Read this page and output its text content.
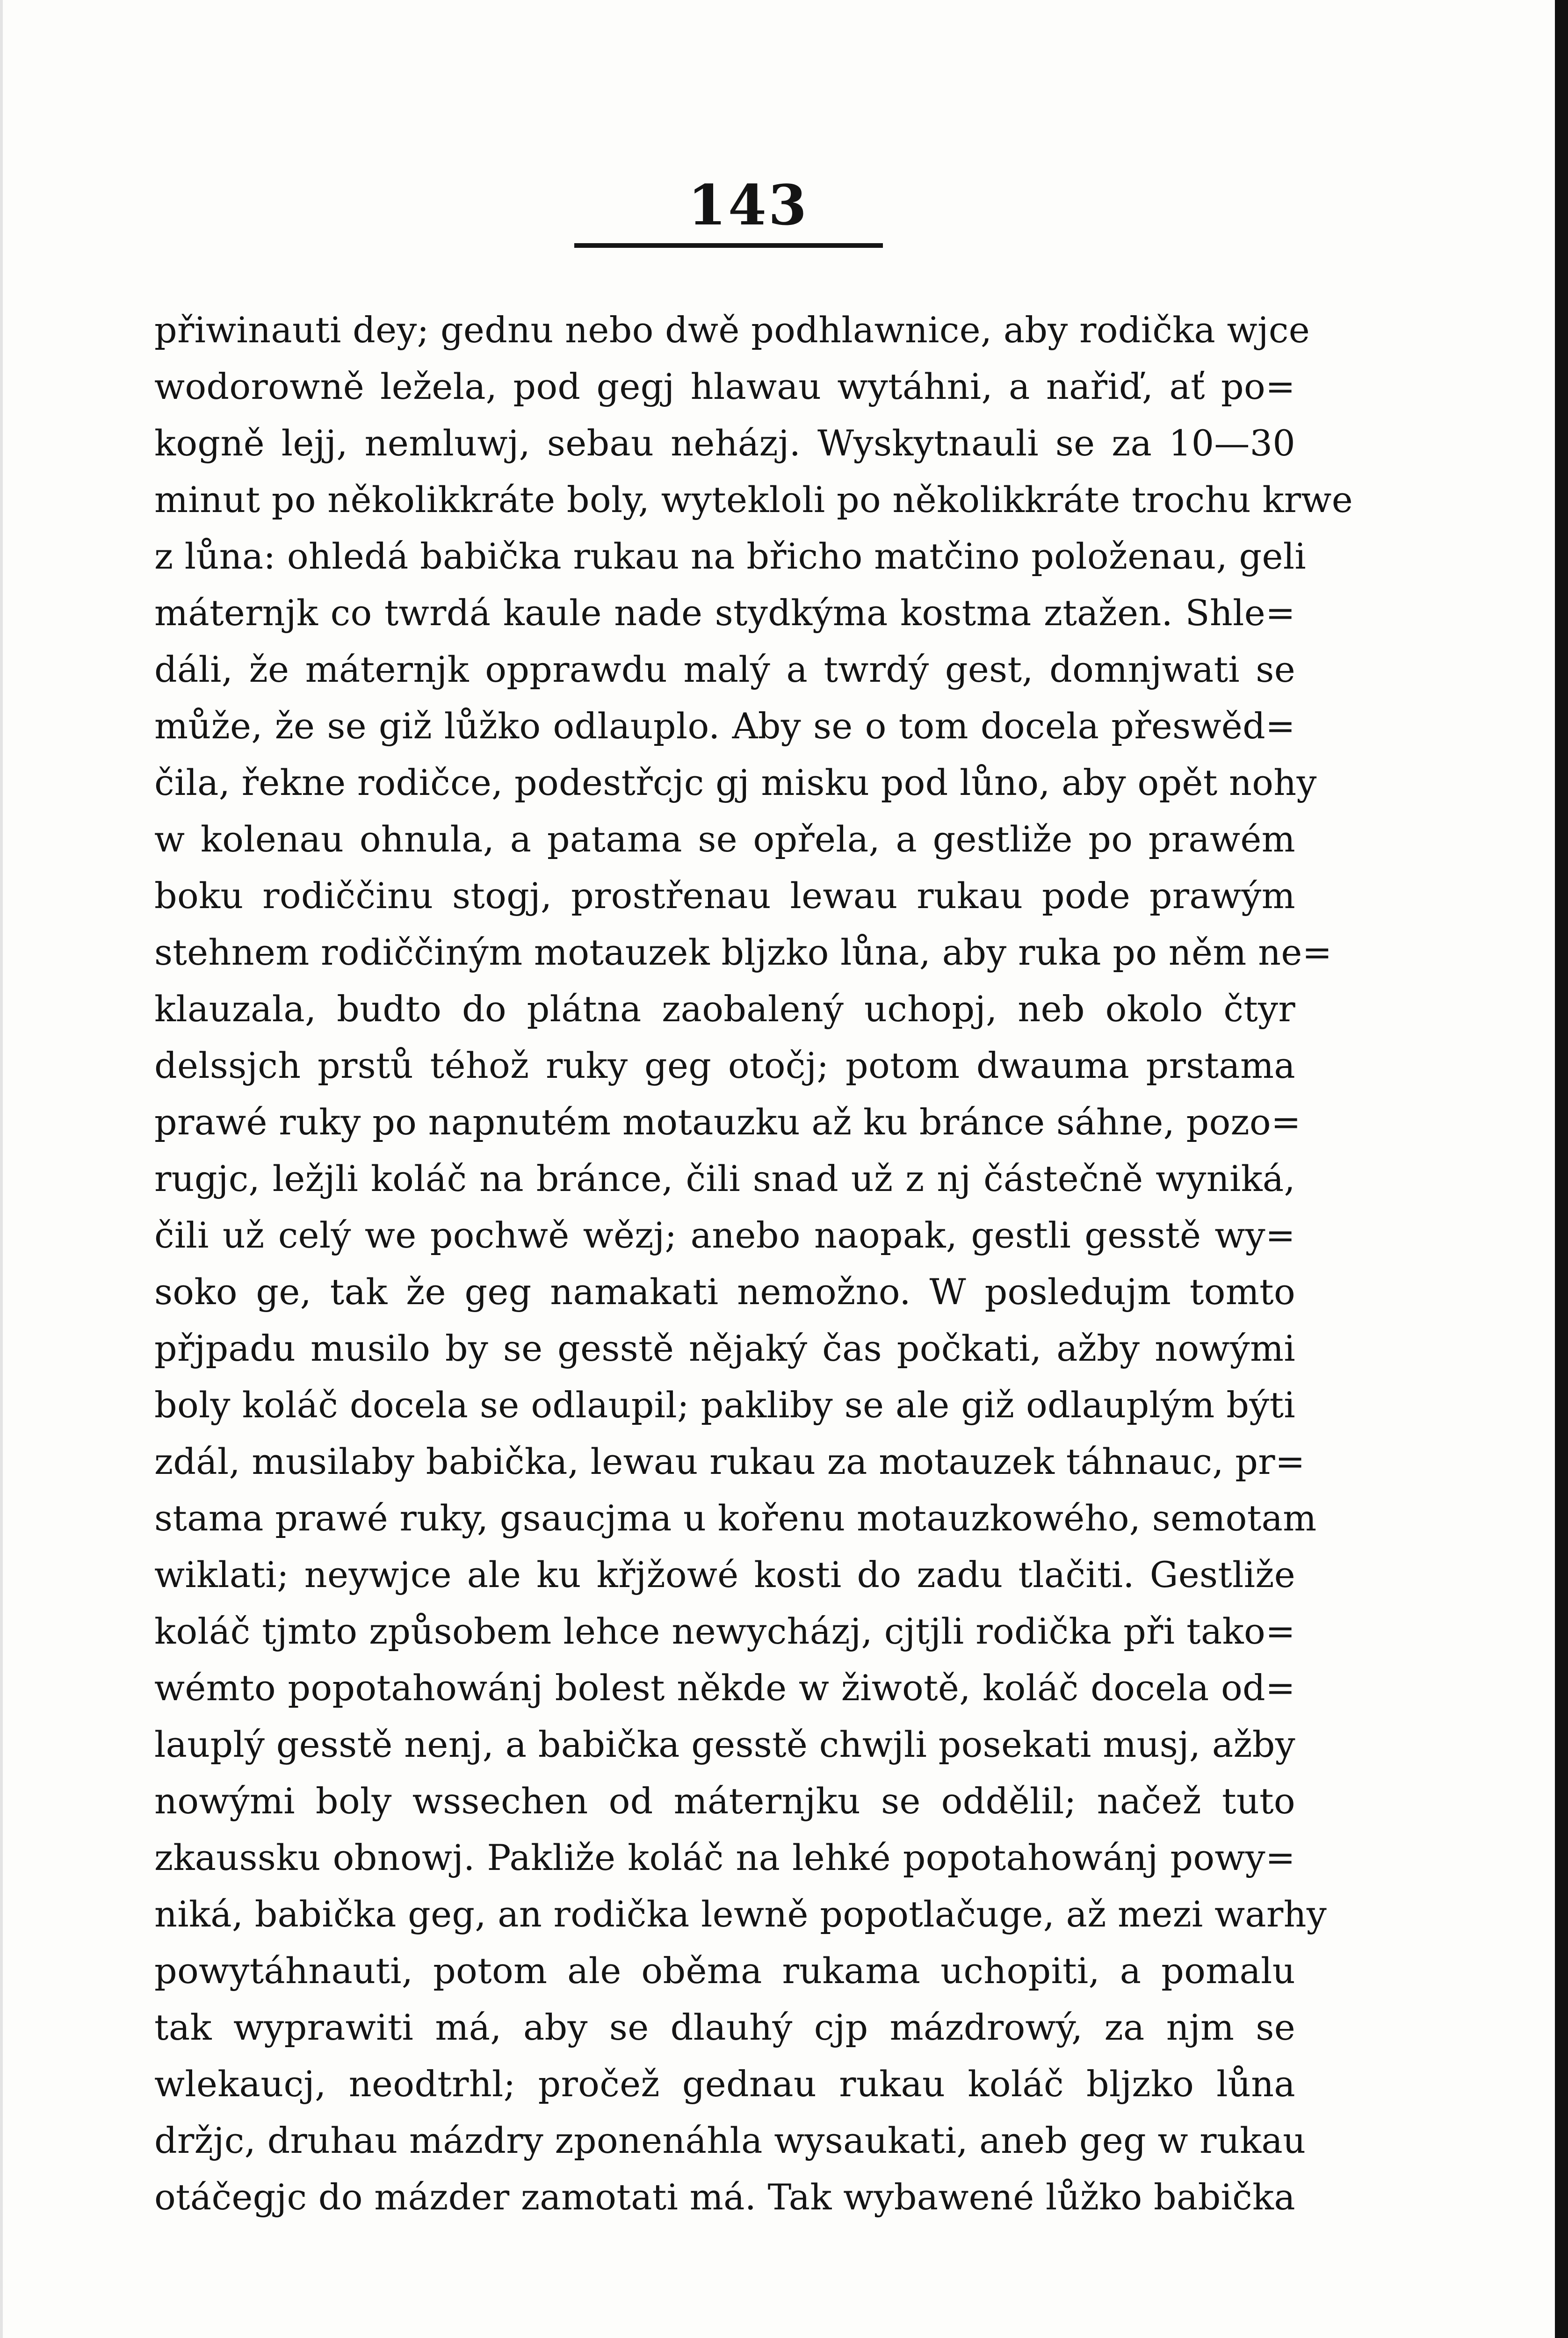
143
přiwinauti dey; gednu nebo dwě podhlawnice, aby rodička wjce
wodorowně ležela, pod gegj hlawau wytáhni, a nařiď, ať po=
kogně lejj, nemluwj, sebau neházj. Wyskytnauli se za 10—30
minut po několikkráte boly, wytekloli po několikkráte trochu krwe
z lůna: ohledá babička rukau na břicho matčino položenau, geli
máternjk co twrdá kaule nade stydkýma kostma ztažen. Shle=
dáli, že máternjk opprawdu malý a twrdý gest, domnjwati se
může, že se giž lůžko odlauplo. Aby se o tom docela přeswěd=
čila, řekne rodičce, podestřcjc gj misku pod lůno, aby opět nohy
w kolenau ohnula, a patama se opřela, a gestliže po prawém
boku rodiččinu stogj, prostřenau lewau rukau pode prawým
stehnem rodiččiným motauzek blјzko lůna, aby ruka po něm ne=
klauzala, budto do plátna zaobalený uchopj, neb okolo čtyr
delssjch prstů téhož ruky geg otočj; potom dwauma prstama
prawé ruky po napnutém motauzku až ku bránce sáhne, pozo=
rugjc, ležjli koláč na bránce, čili snad už z nj částečně wyniká,
čili už celý we pochwě wězj; anebo naopak, gestli gesstě wy=
soko ge, tak že geg namakati nemožno. W posledujm tomto
přjpadu musilo by se gesstě nějaký čas počkati, ažby nowými
boly koláč docela se odlaupil; pakliby se ale giž odlauplým býti
zdál, musilaby babička, lewau rukau za motauzek táhnauc, pr=
stama prawé ruky, gsaucjma u kořenu motauzkowého, semotam
wiklati; neywjce ale ku křjžowé kosti do zadu tlačiti. Gestliže
koláč tjmto způsobem lehce newycházj, cjtjli rodička při tako=
wémto popotahowánj bolest někde w žiwotě, koláč docela od=
lauplý gesstě nenj, a babička gesstě chwjli posekati musj, ažby
nowými boly wssechen od máternjku se oddělil; načež tuto
zkaussku obnowj. Pakliže koláč na lehké popotahowánj powy=
niká, babička geg, an rodička lewně popotlačuge, až mezi warhy
powytáhnauti, potom ale oběma rukama uchopiti, a pomalu
tak wyprawiti má, aby se dlauhý cjp mázdrowý, za njm se
wlekaucj, neodtrhl; pročež gednau rukau koláč blјzko lůna
držjc, druhau mázdry zponenáhla wysaukati, aneb geg w rukau
otáčegjc do mázder zamotati má. Tak wybawené lůžko babička
